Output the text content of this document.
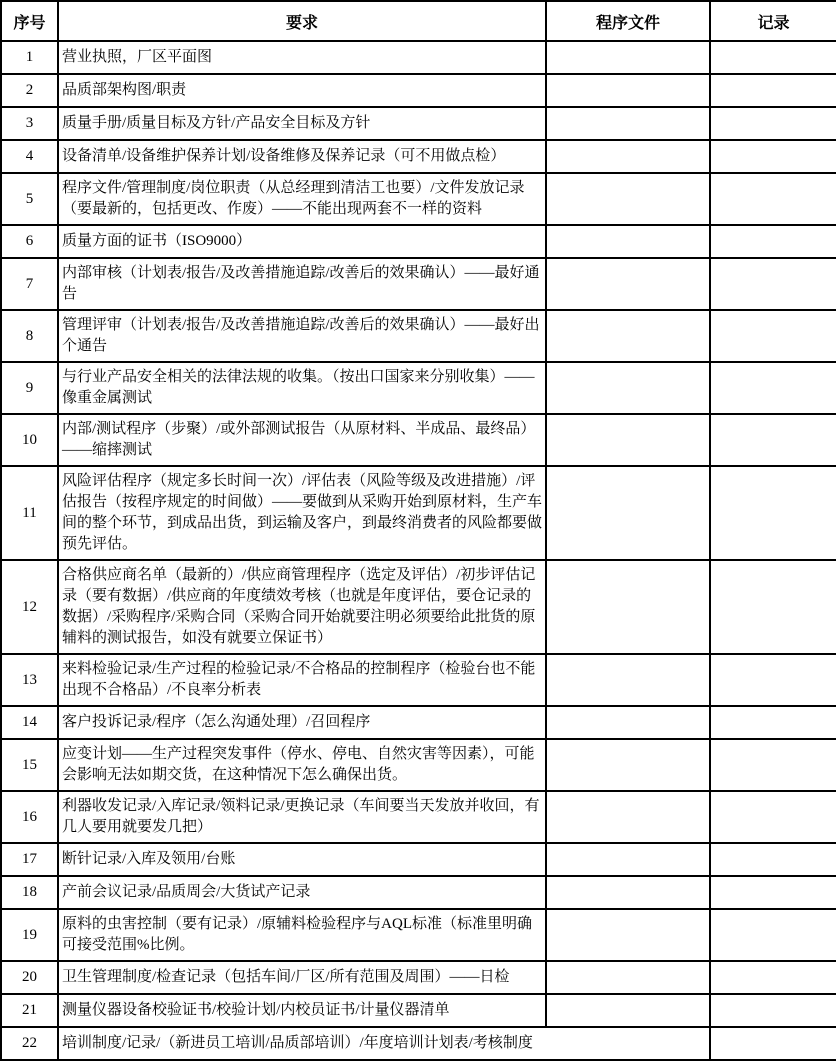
序号	要求	程序文件	记录
1	营业执照，厂区平面图		
2	品质部架构图/职责		
3	质量手册/质量目标及方针/产品安全目标及方针		
4	设备清单/设备维护保养计划/设备维修及保养记录（可不用做点检）		
5	程序文件/管理制度/岗位职责（从总经理到清洁工也要）/文件发放记录（要最新的，包括更改、作废）——不能出现两套不一样的资料		
6	质量方面的证书（ISO9000）		
7	内部审核（计划表/报告/及改善措施追踪/改善后的效果确认）——最好通告		
8	管理评审（计划表/报告/及改善措施追踪/改善后的效果确认）——最好出个通告		
9	与行业产品安全相关的法律法规的收集。（按出口国家来分别收集）——像重金属测试		
10	内部/测试程序（步聚）/或外部测试报告（从原材料、半成品、最终品）——缩摔测试		
11	风险评估程序（规定多长时间一次）/评估表（风险等级及改进措施）/评估报告（按程序规定的时间做）——要做到从采购开始到原材料，生产车间的整个环节，到成品出货，到运输及客户，到最终消费者的风险都要做预先评估。		
12	合格供应商名单（最新的）/供应商管理程序（选定及评估）/初步评估记录（要有数据）/供应商的年度绩效考核（也就是年度评估，要仓记录的数据）/采购程序/采购合同（采购合同开始就要注明必须要给此批货的原辅料的测试报告，如没有就要立保证书）		
13	来料检验记录/生产过程的检验记录/不合格品的控制程序（检验台也不能出现不合格品）/不良率分析表		
14	客户投诉记录/程序（怎么沟通处理）/召回程序		
15	应变计划——生产过程突发事件（停水、停电、自然灾害等因素），可能会影响无法如期交货，在这种情况下怎么确保出货。		
16	利器收发记录/入库记录/领料记录/更换记录（车间要当天发放并收回，有几人要用就要发几把）		
17	断针记录/入库及领用/台账		
18	产前会议记录/品质周会/大货试产记录		
19	原料的虫害控制（要有记录）/原辅料检验程序与AQL标准（标准里明确可接受范围%比例。		
20	卫生管理制度/检查记录（包括车间/厂区/所有范围及周围）——日检		
21	测量仪器设备校验证书/校验计划/内校员证书/计量仪器清单		
22	培训制度/记录/（新进员工培训/品质部培训）/年度培训计划表/考核制度		
